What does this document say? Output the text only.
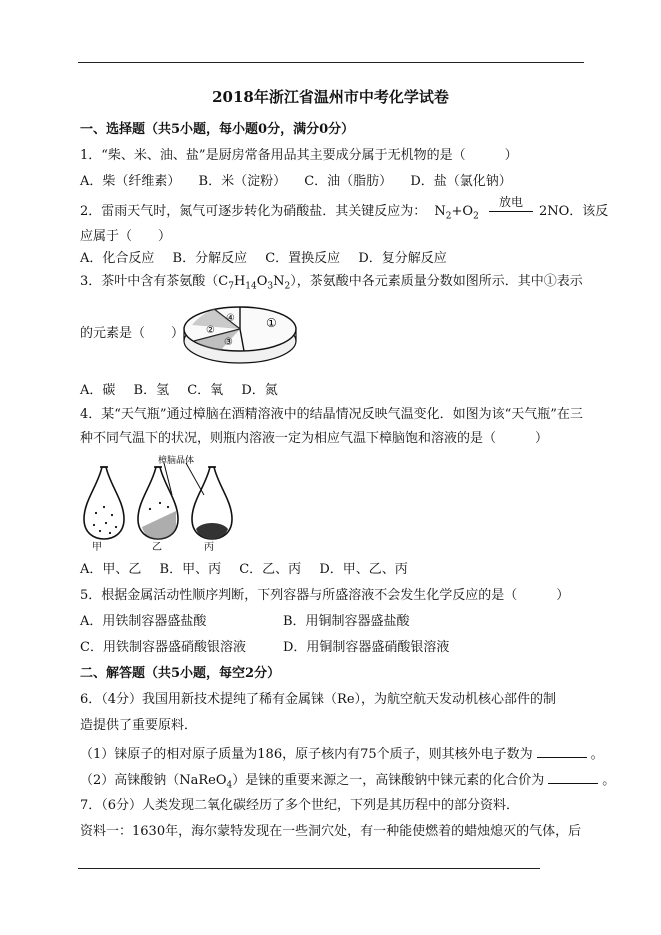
2018年浙江省温州市中考化学试卷
一、选择题（共5小题，每小题0分，满分0分）
1．“柴、米、油、盐”是厨房常备用品其主要成分属于无机物的是（　　　）
A．柴（纤维素） B．米（淀粉） C．油（脂肪） D．盐（氯化钠）
2．雷雨天气时，氮气可逐步转化为硝酸盐．其关键反应为： $N_2+O_2$
放电
2NO．该反
应属于（　　）
A．化合反应 B．分解反应 C．置换反应 D．复分解反应
3．茶叶中含有茶氨酸$(C_7H_{14}O_3N_2)$，茶氨酸中各元素质量分数如图所示．其中①表示
的元素是（　　）
①
④
②
③
A．碳 B．氢 C．氧 D．氮
4．某“天气瓶”通过樟脑在酒精溶液中的结晶情况反映气温变化．如图为该“天气瓶”在三
种不同气温下的状况，则瓶内溶液一定为相应气温下樟脑饱和溶液的是（　　　）
樟脑晶体
甲	乙	丙
A．甲、乙 B．甲、丙 C．乙、丙 D．甲、乙、丙
5．根据金属活动性顺序判断，下列容器与所盛溶液不会发生化学反应的是（　　　）
A．用铁制容器盛盐酸	B．用铜制容器盛盐酸
C．用铁制容器盛硝酸银溶液	D．用铜制容器盛硝酸银溶液
二、解答题（共5小题，每空2分）
6．（4分）我国用新技术提纯了稀有金属铼（Re），为航空航天发动机核心部件的制
造提供了重要原料．
（1）铼原子的相对原子质量为186，原子核内有75个质子，则其核外电子数为	。
（2）高铼酸钠（NaReO$_4$）是铼的重要来源之一，高铼酸钠中铼元素的化合价为	。
7．（6分）人类发现二氧化碳经历了多个世纪，下列是其历程中的部分资料．
资料一：1630年，海尔蒙特发现在一些洞穴处，有一种能使燃着的蜡烛熄灭的气体，后
